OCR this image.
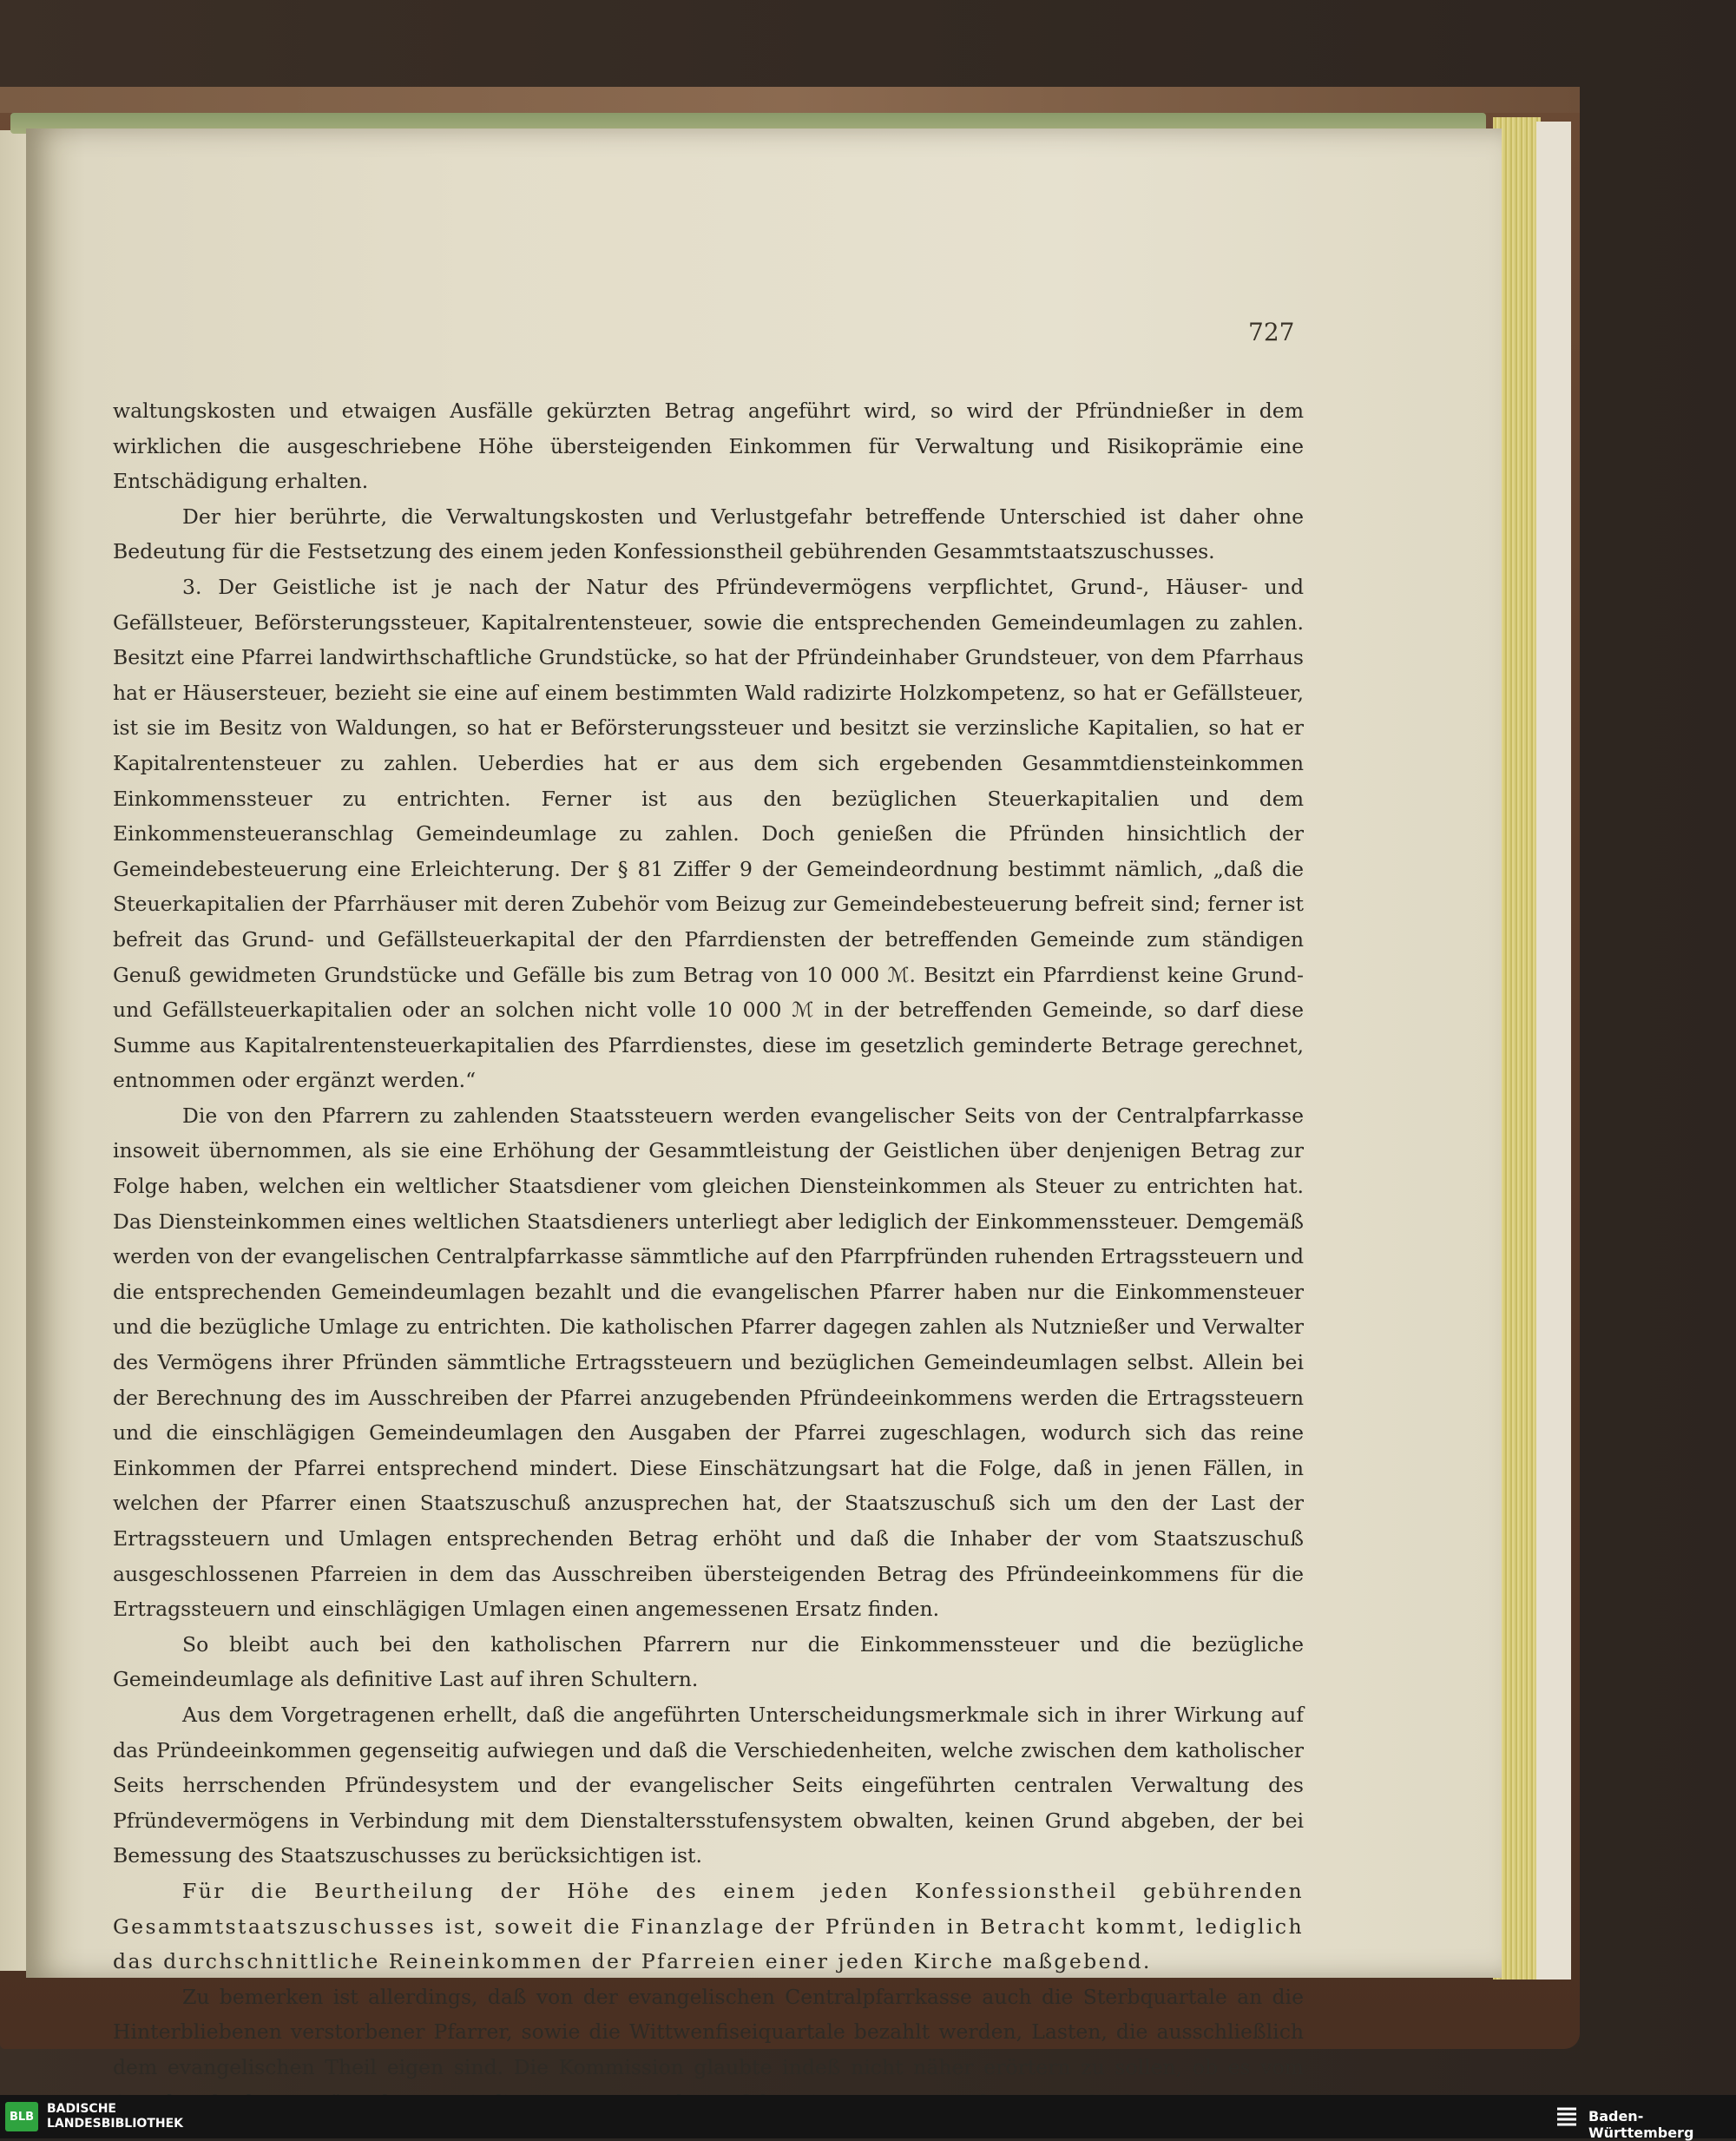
727

waltungskosten und etwaigen Ausfälle gekürzten Betrag angeführt wird, so wird der Pfründnießer in dem wirklichen die ausgeschriebene Höhe übersteigenden Einkommen für Verwaltung und Risikoprämie eine Entschädigung erhalten.

Der hier berührte, die Verwaltungskosten und Verlustgefahr betreffende Unterschied ist daher ohne Bedeutung für die Festsetzung des einem jeden Konfessionstheil gebührenden Gesammtstaatszuschusses.

3. Der Geistliche ist je nach der Natur des Pfründevermögens verpflichtet, Grund-, Häuser- und Gefällsteuer, Beförsterungssteuer, Kapitalrentensteuer, sowie die entsprechenden Gemeindeumlagen zu zahlen. Besitzt eine Pfarrei landwirthschaftliche Grundstücke, so hat der Pfründeinhaber Grundsteuer, von dem Pfarrhaus hat er Häusersteuer, bezieht sie eine auf einem bestimmten Wald radizirte Holzkompetenz, so hat er Gefällsteuer, ist sie im Besitz von Waldungen, so hat er Beförsterungssteuer und besitzt sie verzinsliche Kapitalien, so hat er Kapitalrentensteuer zu zahlen. Ueberdies hat er aus dem sich ergebenden Gesammtdiensteinkommen Einkommenssteuer zu entrichten. Ferner ist aus den bezüglichen Steuerkapitalien und dem Einkommensteueranschlag Gemeindeumlage zu zahlen. Doch genießen die Pfründen hinsichtlich der Gemeindebesteuerung eine Erleichterung. Der § 81 Ziffer 9 der Gemeindeordnung bestimmt nämlich, „daß die Steuerkapitalien der Pfarrhäuser mit deren Zubehör vom Beizug zur Gemeindebesteuerung befreit sind; ferner ist befreit das Grund- und Gefällsteuerkapital der den Pfarrdiensten der betreffenden Gemeinde zum ständigen Genuß gewidmeten Grundstücke und Gefälle bis zum Betrag von 10 000 ℳ. Besitzt ein Pfarrdienst keine Grund- und Gefällsteuerkapitalien oder an solchen nicht volle 10 000 ℳ in der betreffenden Gemeinde, so darf diese Summe aus Kapitalrentensteuerkapitalien des Pfarrdienstes, diese im gesetzlich geminderte Betrage gerechnet, entnommen oder ergänzt werden.“

Die von den Pfarrern zu zahlenden Staatssteuern werden evangelischer Seits von der Centralpfarrkasse insoweit übernommen, als sie eine Erhöhung der Gesammtleistung der Geistlichen über denjenigen Betrag zur Folge haben, welchen ein weltlicher Staatsdiener vom gleichen Diensteinkommen als Steuer zu entrichten hat. Das Diensteinkommen eines weltlichen Staatsdieners unterliegt aber lediglich der Einkommenssteuer. Demgemäß werden von der evangelischen Centralpfarrkasse sämmtliche auf den Pfarrpfründen ruhenden Ertragssteuern und die entsprechenden Gemeindeumlagen bezahlt und die evangelischen Pfarrer haben nur die Einkommensteuer und die bezügliche Umlage zu entrichten. Die katholischen Pfarrer dagegen zahlen als Nutznießer und Verwalter des Vermögens ihrer Pfründen sämmtliche Ertragssteuern und bezüglichen Gemeindeumlagen selbst. Allein bei der Berechnung des im Ausschreiben der Pfarrei anzugebenden Pfründeeinkommens werden die Ertragssteuern und die einschlägigen Gemeindeumlagen den Ausgaben der Pfarrei zugeschlagen, wodurch sich das reine Einkommen der Pfarrei entsprechend mindert. Diese Einschätzungsart hat die Folge, daß in jenen Fällen, in welchen der Pfarrer einen Staatszuschuß anzusprechen hat, der Staatszuschuß sich um den der Last der Ertragssteuern und Umlagen entsprechenden Betrag erhöht und daß die Inhaber der vom Staatszuschuß ausgeschlossenen Pfarreien in dem das Ausschreiben übersteigenden Betrag des Pfründeeinkommens für die Ertragssteuern und einschlägigen Umlagen einen angemessenen Ersatz finden.

So bleibt auch bei den katholischen Pfarrern nur die Einkommenssteuer und die bezügliche Gemeindeumlage als definitive Last auf ihren Schultern.

Aus dem Vorgetragenen erhellt, daß die angeführten Unterscheidungsmerkmale sich in ihrer Wirkung auf das Pründeeinkommen gegenseitig aufwiegen und daß die Verschiedenheiten, welche zwischen dem katholischer Seits herrschenden Pfründesystem und der evangelischer Seits eingeführten centralen Verwaltung des Pfründevermögens in Verbindung mit dem Dienstaltersstufensystem obwalten, keinen Grund abgeben, der bei Bemessung des Staatszuschusses zu berücksichtigen ist.

Für die Beurtheilung der Höhe des einem jeden Konfessionstheil gebührenden Gesammtstaatszuschusses ist, soweit die Finanzlage der Pfründen in Betracht kommt, lediglich das durchschnittliche Reineinkommen der Pfarreien einer jeden Kirche maßgebend.

Zu bemerken ist allerdings, daß von der evangelischen Centralpfarrkasse auch die Sterbquartale an die Hinterbliebenen verstorbener Pfarrer, sowie die Wittwenfiseiquartale bezahlt werden, Lasten, die ausschließlich dem evangelischen Theil eigen sind. Die Kommission glaubte indeß nicht näher erörtern zu sollen, ob es vom

BLB
BADISCHE
LANDESBIBLIOTHEK	Baden-Württemberg
